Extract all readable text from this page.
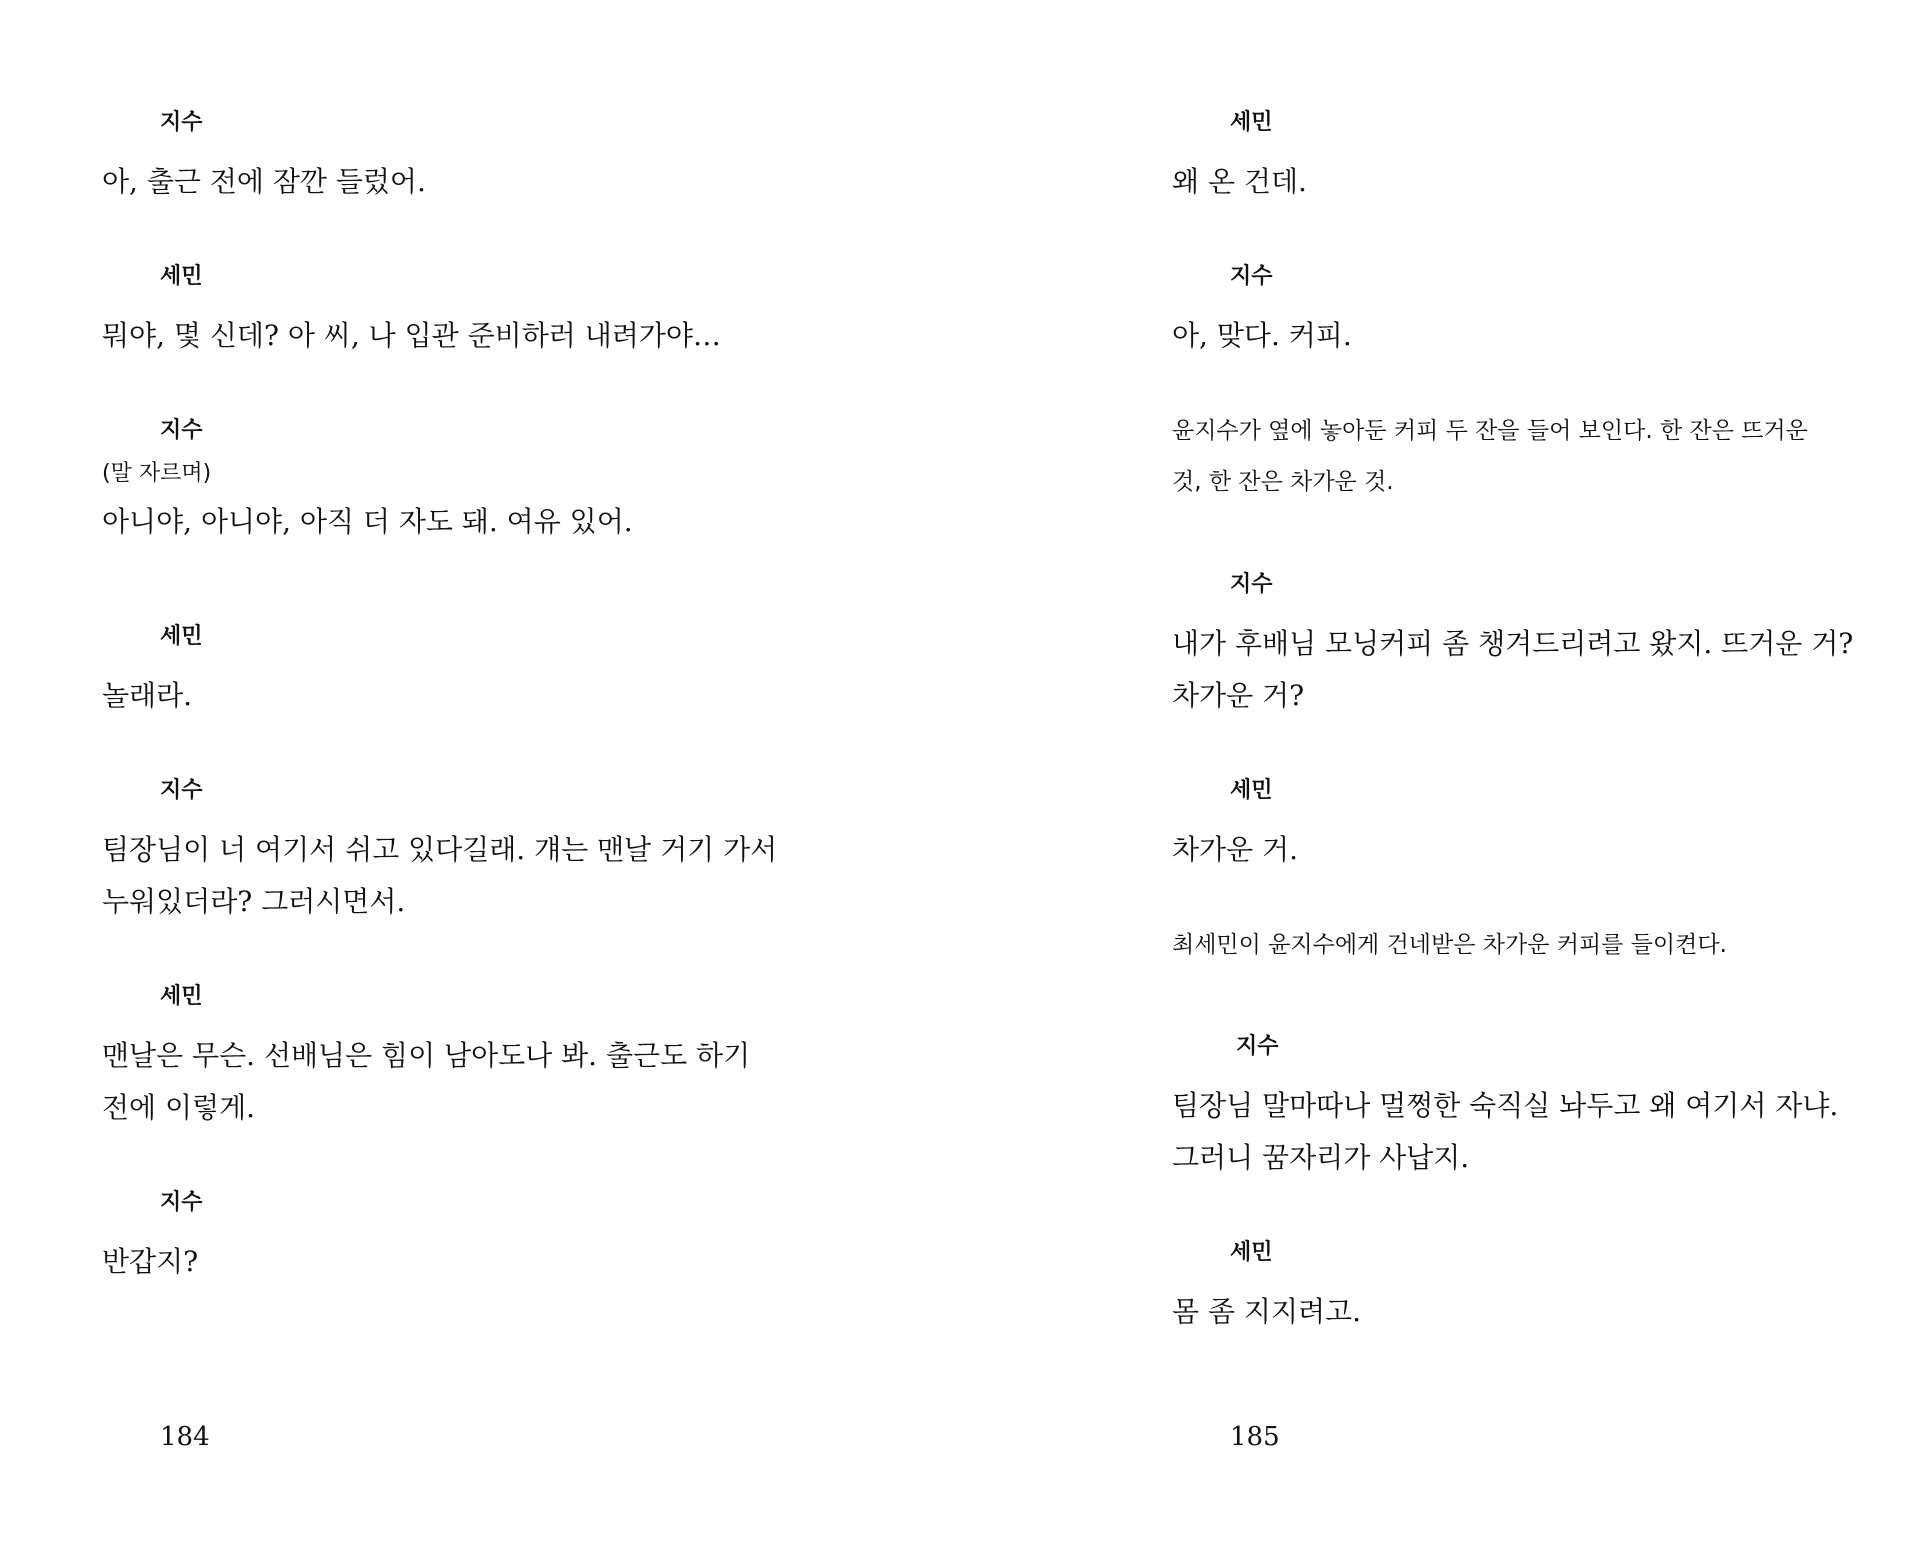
지수
아, 출근 전에 잠깐 들렀어.
세민
뭐야, 몇 신데? 아 씨, 나 입관 준비하러 내려가야…
지수
(말 자르며)
아니야, 아니야, 아직 더 자도 돼. 여유 있어.
세민
놀래라.
지수
팀장님이 너 여기서 쉬고 있다길래. 걔는 맨날 거기 가서
누워있더라? 그러시면서.
세민
맨날은 무슨. 선배님은 힘이 남아도나 봐. 출근도 하기
전에 이렇게.
지수
반갑지?
184
세민
왜 온 건데.
지수
아, 맞다. 커피.
윤지수가 옆에 놓아둔 커피 두 잔을 들어 보인다. 한 잔은 뜨거운
것, 한 잔은 차가운 것.
지수
내가 후배님 모닝커피 좀 챙겨드리려고 왔지. 뜨거운 거?
차가운 거?
세민
차가운 거.
최세민이 윤지수에게 건네받은 차가운 커피를 들이켠다.
지수
팀장님 말마따나 멀쩡한 숙직실 놔두고 왜 여기서 자냐.
그러니 꿈자리가 사납지.
세민
몸 좀 지지려고.
185
